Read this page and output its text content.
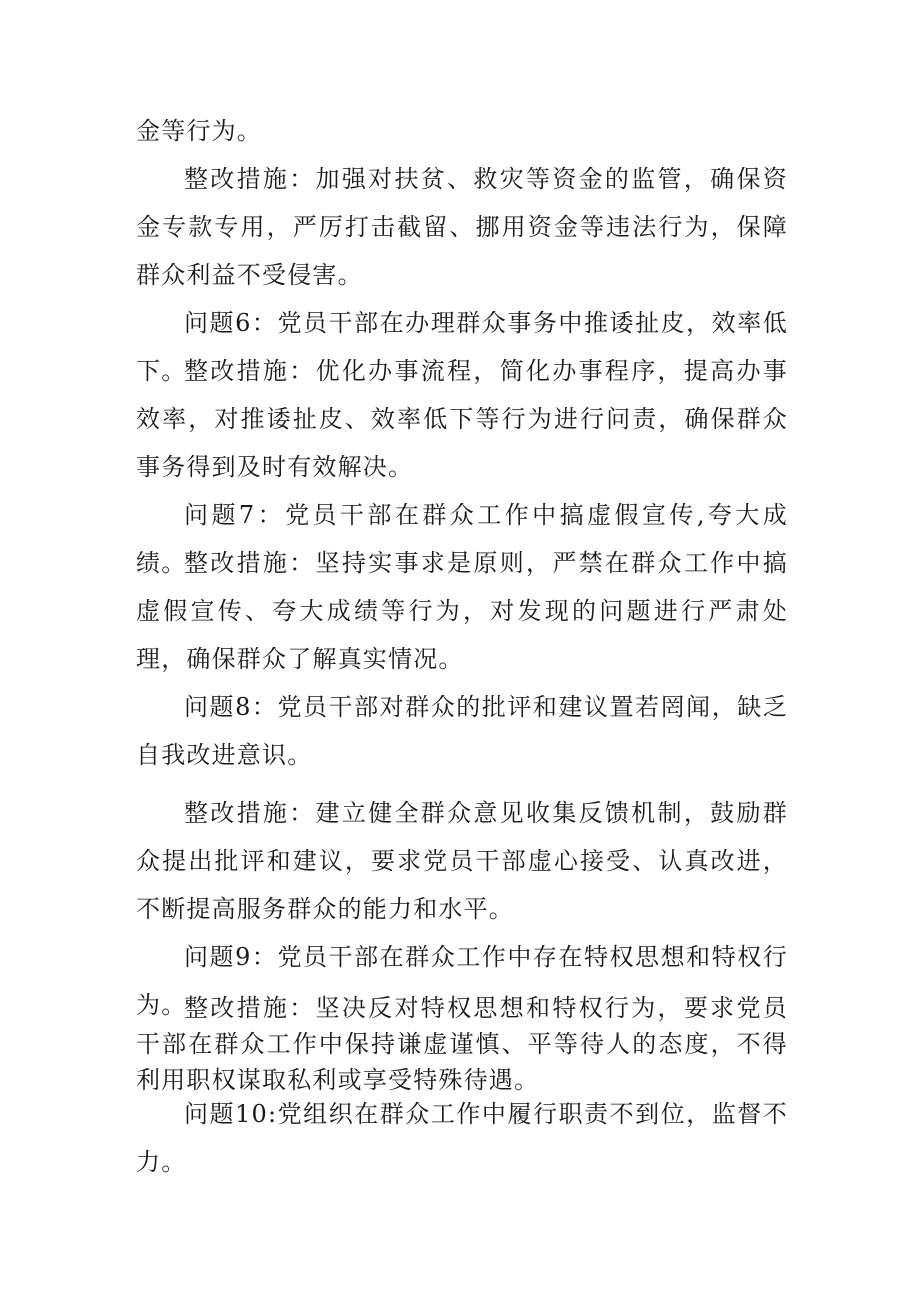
金等行为。

整改措施：加强对扶贫、救灾等资金的监管，确保资金专款专用，严厉打击截留、挪用资金等违法行为，保障群众利益不受侵害。

问题6：党员干部在办理群众事务中推诿扯皮，效率低下。

整改措施：优化办事流程，简化办事程序，提高办事效率，对推诿扯皮、效率低下等行为进行问责，确保群众事务得到及时有效解决。

问题7：党员干部在群众工作中搞虚假宣传,夸大成绩。

整改措施：坚持实事求是原则，严禁在群众工作中搞虚假宣传、夸大成绩等行为，对发现的问题进行严肃处理，确保群众了解真实情况。

问题8：党员干部对群众的批评和建议置若罔闻，缺乏自我改进意识。

整改措施：建立健全群众意见收集反馈机制，鼓励群众提出批评和建议，要求党员干部虚心接受、认真改进，不断提高服务群众的能力和水平。

问题9：党员干部在群众工作中存在特权思想和特权行为。

整改措施：坚决反对特权思想和特权行为，要求党员干部在群众工作中保持谦虚谨慎、平等待人的态度，不得利用职权谋取私利或享受特殊待遇。

问题10:党组织在群众工作中履行职责不到位，监督不力。
